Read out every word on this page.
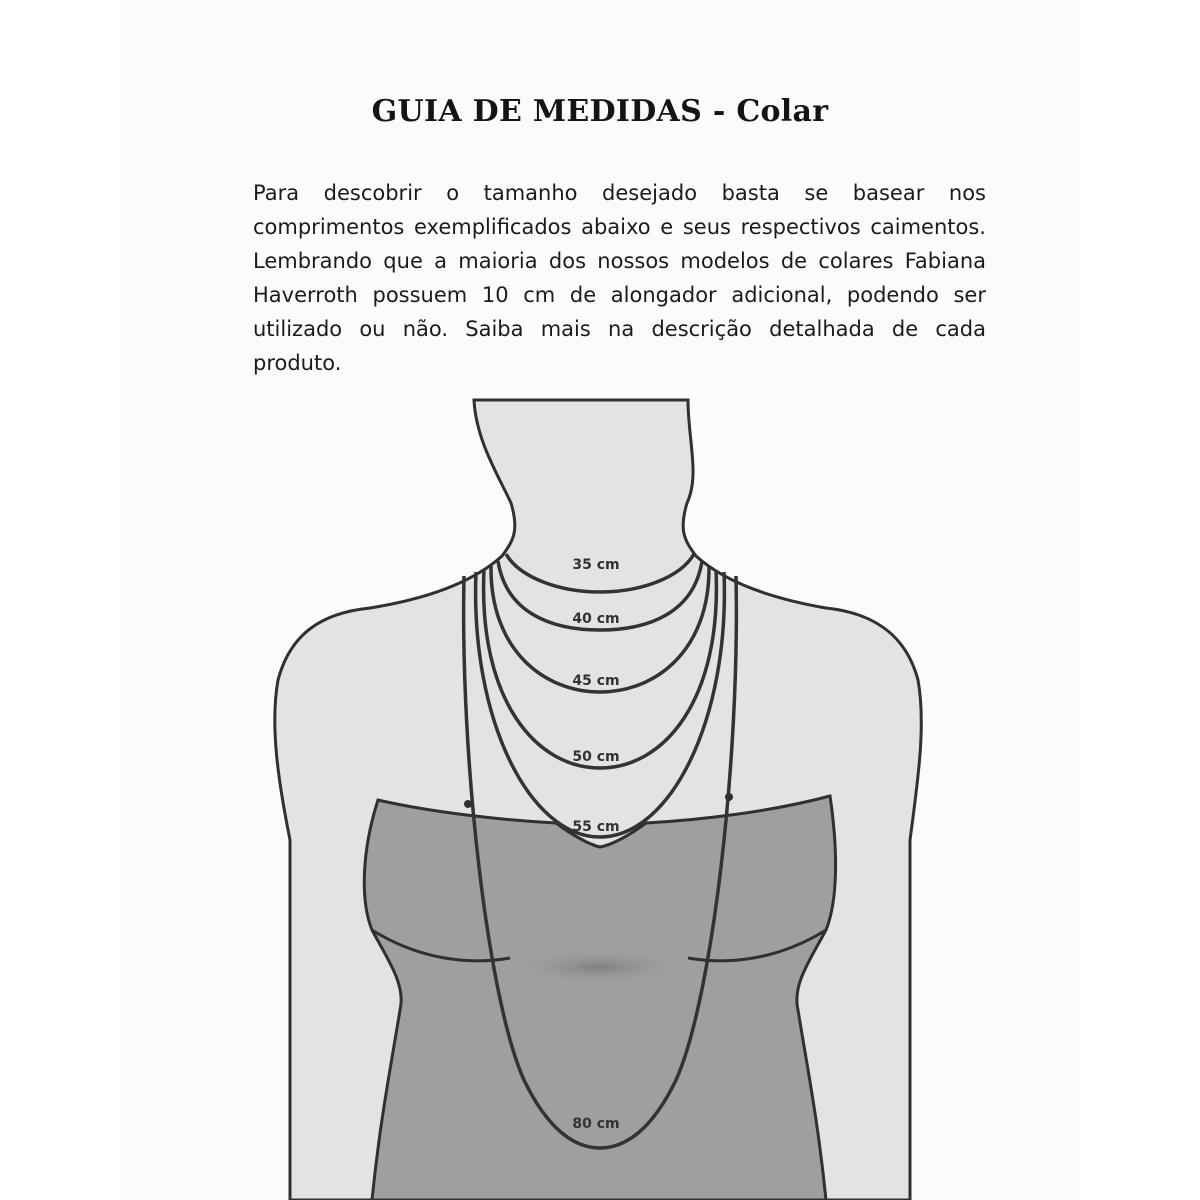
GUIA DE MEDIDAS - Colar

Para descobrir o tamanho desejado basta se basear nos comprimentos exemplificados abaixo e seus respectivos caimentos. Lembrando que a maioria dos nossos modelos de colares Fabiana Haverroth possuem 10 cm de alongador adicional, podendo ser utilizado ou não. Saiba mais na descrição detalhada de cada produto.

35 cm
40 cm
45 cm
50 cm
55 cm
80 cm
